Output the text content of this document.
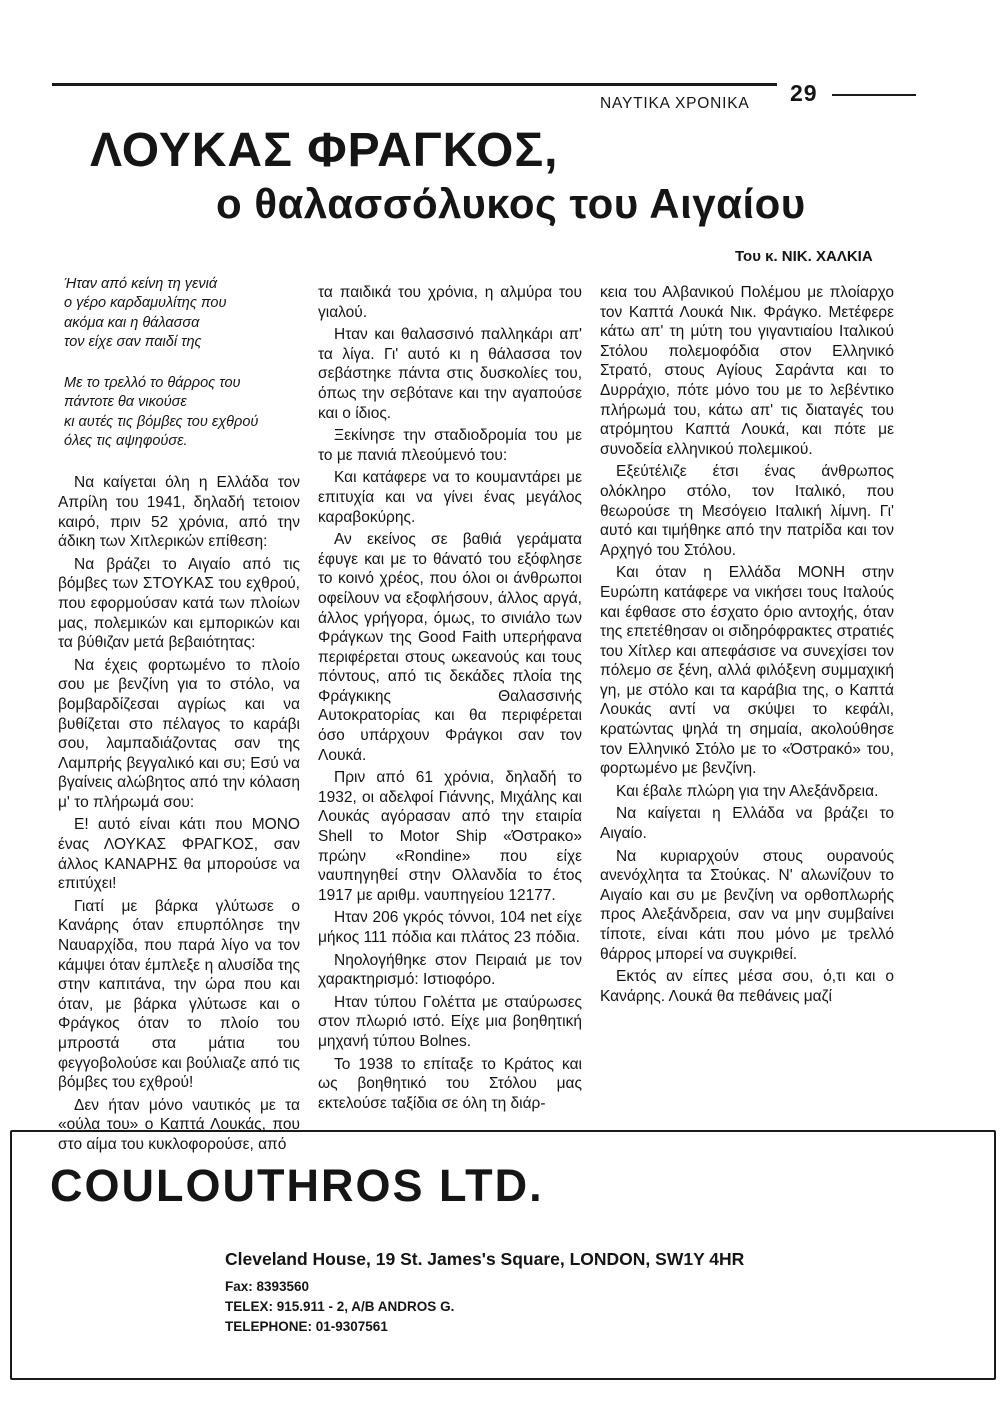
ΝΑΥΤΙΚΑ ΧΡΟΝΙΚΑ 29
ΛΟΥΚΑΣ ΦΡΑΓΚΟΣ,
ο θαλασσόλυκος του Αιγαίου
Του κ. ΝΙΚ. ΧΑΛΚΙΑ
Ήταν από κείνη τη γενιά
ο γέρο καρδαμυλίτης που
ακόμα και η θάλασσα
τον είχε σαν παιδί της
Με το τρελλό το θάρρος του
πάντοτε θα νικούσε
κι αυτές τις βόμβες του εχθρού
όλες τις αψηφούσε.

Να καίγεται όλη η Ελλάδα τον Απρίλη του 1941, δηλαδή τετοιον καιρό, πριν 52 χρόνια, από την άδικη των Χιτλερικών επίθεση:

Να βράζει το Αιγαίο από τις βόμβες των ΣΤΟΥΚΑΣ του εχθρού, που εφορμούσαν κατά των πλοίων μας, πολεμικών και εμπορικών και τα βύθιζαν μετά βεβαιότητας:

Να έχεις φορτωμένο το πλοίο σου με βενζίνη για το στόλο, να βομβαρδίζεσαι αγρίως και να βυθίζεται στο πέλαγος το καράβι σου, λαμπαδιάζοντας σαν της Λαμπρής βεγγαλικό και συ; Εσύ να βγαίνεις αλώβητος από την κόλαση μ' το πλήρωμά σου:

Ε! αυτό είναι κάτι που ΜΟΝΟ ένας ΛΟΥΚΑΣ ΦΡΑΓΚΟΣ, σαν άλλος ΚΑΝΑΡΗΣ θα μπορούσε να επιτύχει!

Γιατί με βάρκα γλύτωσε ο Κανάρης όταν επυρπόλησε την Ναυαρχίδα, που παρά λίγο να τον κάμψει όταν έμπλεξε η αλυσίδα της στην καπιτάνα, την ώρα που και όταν, με βάρκα γλύτωσε και ο Φράγκος όταν το πλοίο του μπροστά στα μάτια του φεγγοβολούσε και βούλιαζε από τις βόμβες του εχθρού!

Δεν ήταν μόνο ναυτικός με τα «ούλα του» ο Καπτά Λουκάς, που στο αίμα του κυκλοφορούσε, από

τα παιδικά του χρόνια, η αλμύρα του γιαλού.

Ηταν και θαλασσινό παλληκάρι απ' τα λίγα. Γι' αυτό κι η θάλασσα τον σεβάστηκε πάντα στις δυσκολίες του, όπως την σεβότανε και την αγαπούσε και ο ίδιος.

Ξεκίνησε την σταδιοδρομία του με το με πανιά πλεούμενό του:

Και κατάφερε να το κουμαντάρει με επιτυχία και να γίνει ένας μεγάλος καραβοκύρης.

Αν εκείνος σε βαθιά γεράματα έφυγε και με το θάνατό του εξόφλησε το κοινό χρέος, που όλοι οι άνθρωποι οφείλουν να εξοφλήσουν, άλλος αργά, άλλος γρήγορα, όμως, το σινιάλο των Φράγκων της Good Faith υπερήφανα περιφέρεται στους ωκεανούς και τους πόντους, από τις δεκάδες πλοία της Φράγκικης Θαλασσινής Αυτοκρατορίας και θα περιφέρεται όσο υπάρχουν Φράγκοι σαν τον Λουκά.

Πριν από 61 χρόνια, δηλαδή το 1932, οι αδελφοί Γιάννης, Μιχάλης και Λουκάς αγόρασαν από την εταιρία Shell το Motor Ship «Όστρακο» πρώην «Rondine» που είχε ναυπηγηθεί στην Ολλανδία το έτος 1917 με αριθμ. ναυπηγείου 12177.

Ηταν 206 γκρός τόννοι, 104 net είχε μήκος 111 πόδια και πλάτος 23 πόδια.

Νηολογήθηκε στον Πειραιά με τον χαρακτηρισμό: Ιστιοφόρο.

Ηταν τύπου Γολέττα με σταύρωσες στον πλωριό ιστό. Είχε μια βοηθητική μηχανή τύπου Bolnes.

Το 1938 το επίταξε το Κράτος και ως βοηθητικό του Στόλου μας εκτελούσε ταξίδια σε όλη τη διάρ-

κεια του Αλβανικού Πολέμου με πλοίαρχο τον Καπτά Λουκά Νικ. Φράγκο. Μετέφερε κάτω απ' τη μύτη του γιγαντιαίου Ιταλικού Στόλου πολεμοφόδια στον Ελληνικό Στρατό, στους Αγίους Σαράντα και το Δυρράχιο, πότε μόνο του με το λεβέντικο πλήρωμά του, κάτω απ' τις διαταγές του ατρόμητου Καπτά Λουκά, και πότε με συνοδεία ελληνικού πολεμικού.

Εξεύτέλιζε έτσι ένας άνθρωπος ολόκληρο στόλο, τον Ιταλικό, που θεωρούσε τη Μεσόγειο Ιταλική λίμνη. Γι' αυτό και τιμήθηκε από την πατρίδα και τον Αρχηγό του Στόλου.

Και όταν η Ελλάδα ΜΟΝΗ στην Ευρώπη κατάφερε να νικήσει τους Ιταλούς και έφθασε στο έσχατο όριο αντοχής, όταν της επετέθησαν οι σιδηρόφρακτες στρατιές του Χίτλερ και απεφάσισε να συνεχίσει τον πόλεμο σε ξένη, αλλά φιλόξενη συμμαχική γη, με στόλο και τα καράβια της, ο Καπτά Λουκάς αντί να σκύψει το κεφάλι, κρατώντας ψηλά τη σημαία, ακολούθησε τον Ελληνικό Στόλο με το «Όστρακό» του, φορτωμένο με βενζίνη.

Και έβαλε πλώρη για την Αλεξάνδρεια.

Να καίγεται η Ελλάδα να βράζει το Αιγαίο.

Να κυριαρχούν στους ουρανούς ανενόχλητα τα Στούκας. Ν' αλωνίζουν το Αιγαίο και συ με βενζίνη να ορθοπλωρής προς Αλεξάνδρεια, σαν να μην συμβαίνει τίποτε, είναι κάτι που μόνο με τρελλό θάρρος μπορεί να συγκριθεί.

Εκτός αν είπες μέσα σου, ό,τι και ο Κανάρης. Λουκά θα πεθάνεις μαζί

COULOUTHROS LTD.
Cleveland House, 19 St. James's Square, LONDON, SW1Y 4HR
Fax: 8393560
TELEX: 915.911 - 2, A/B ANDROS G.
TELEPHONE: 01-9307561
